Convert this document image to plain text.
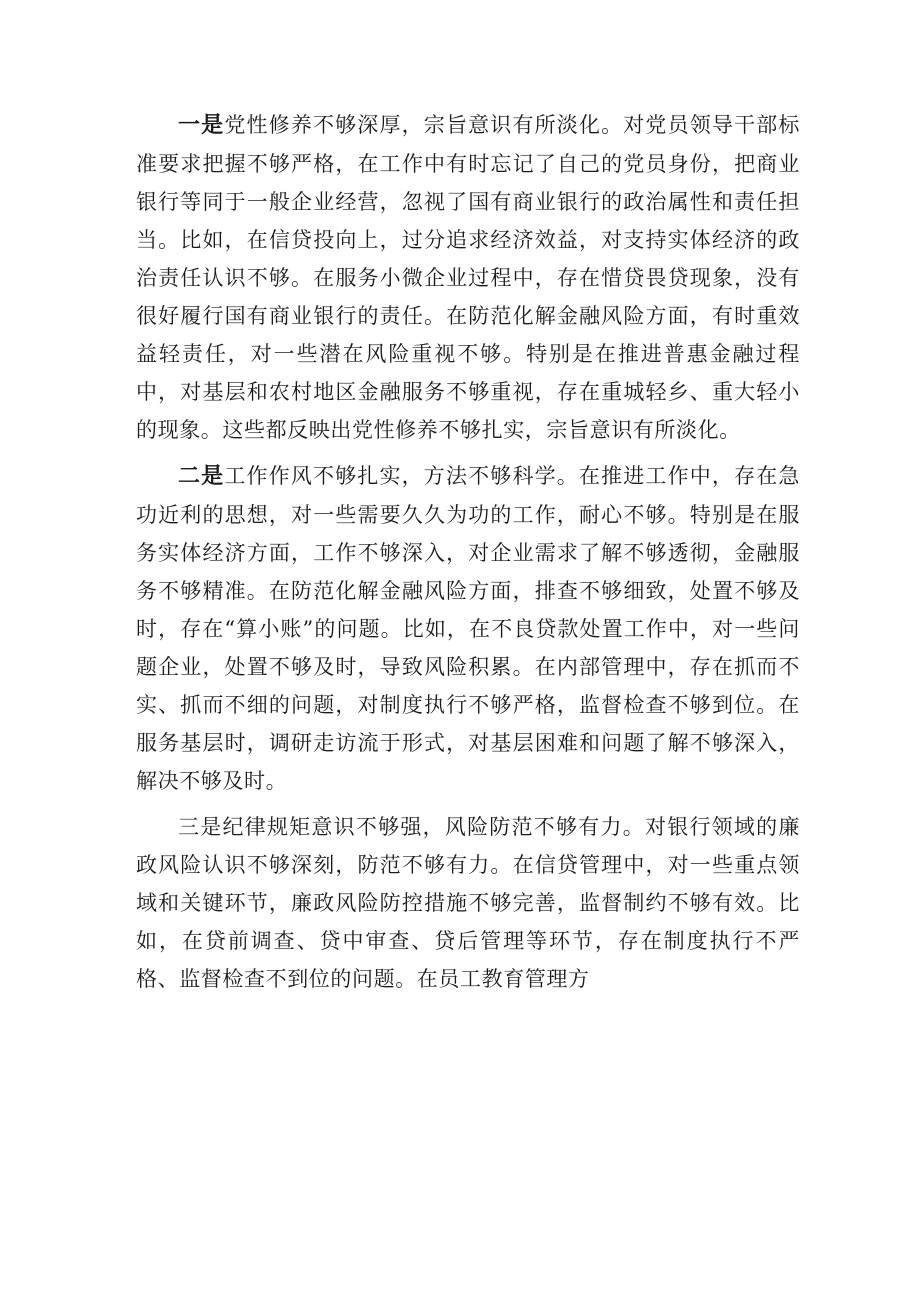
一是党性修养不够深厚，宗旨意识有所淡化。对党员领导干部标准要求把握不够严格，在工作中有时忘记了自己的党员身份，把商业银行等同于一般企业经营，忽视了国有商业银行的政治属性和责任担当。比如，在信贷投向上，过分追求经济效益，对支持实体经济的政治责任认识不够。在服务小微企业过程中，存在惜贷畏贷现象，没有很好履行国有商业银行的责任。在防范化解金融风险方面，有时重效益轻责任，对一些潜在风险重视不够。特别是在推进普惠金融过程中，对基层和农村地区金融服务不够重视，存在重城轻乡、重大轻小的现象。这些都反映出党性修养不够扎实，宗旨意识有所淡化。

二是工作作风不够扎实，方法不够科学。在推进工作中，存在急功近利的思想，对一些需要久久为功的工作，耐心不够。特别是在服务实体经济方面，工作不够深入，对企业需求了解不够透彻，金融服务不够精准。在防范化解金融风险方面，排查不够细致，处置不够及时，存在“算小账”的问题。比如，在不良贷款处置工作中，对一些问题企业，处置不够及时，导致风险积累。在内部管理中，存在抓而不实、抓而不细的问题，对制度执行不够严格，监督检查不够到位。在服务基层时，调研走访流于形式，对基层困难和问题了解不够深入，解决不够及时。

三是纪律规矩意识不够强，风险防范不够有力。对银行领域的廉政风险认识不够深刻，防范不够有力。在信贷管理中，对一些重点领域和关键环节，廉政风险防控措施不够完善，监督制约不够有效。比如，在贷前调查、贷中审查、贷后管理等环节，存在制度执行不严格、监督检查不到位的问题。在员工教育管理方
